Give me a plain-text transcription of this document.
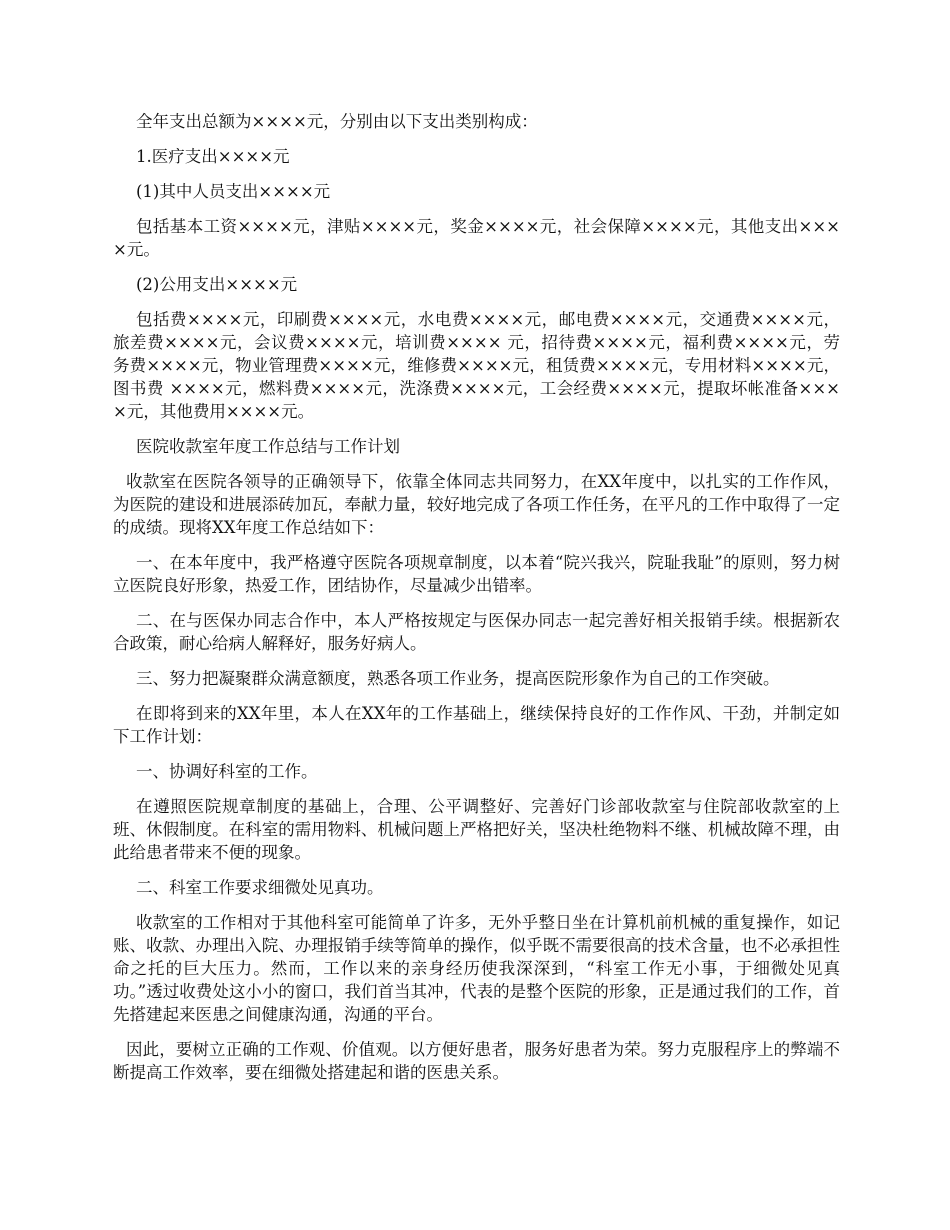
全年支出总额为××××元，分别由以下支出类别构成：

1.医疗支出××××元

(1)其中人员支出××××元

包括基本工资××××元，津贴××××元，奖金××××元，社会保障××××元，其他支出××××元。

(2)公用支出××××元

包括费××××元，印刷费××××元，水电费××××元，邮电费××××元，交通费××××元，旅差费××××元，会议费××××元，培训费×××× 元，招待费××××元，福利费××××元，劳务费××××元，物业管理费××××元，维修费××××元，租赁费××××元，专用材料××××元，图书费 ××××元，燃料费××××元，洗涤费××××元，工会经费××××元，提取坏帐准备××××元，其他费用××××元。

医院收款室年度工作总结与工作计划

收款室在医院各领导的正确领导下，依靠全体同志共同努力，在XX年度中，以扎实的工作作风，为医院的建设和进展添砖加瓦，奉献力量，较好地完成了各项工作任务，在平凡的工作中取得了一定的成绩。现将XX年度工作总结如下：

一、在本年度中，我严格遵守医院各项规章制度，以本着“院兴我兴，院耻我耻”的原则，努力树立医院良好形象，热爱工作，团结协作，尽量减少出错率。

二、在与医保办同志合作中，本人严格按规定与医保办同志一起完善好相关报销手续。根据新农合政策，耐心给病人解释好，服务好病人。

三、努力把凝聚群众满意额度，熟悉各项工作业务，提高医院形象作为自己的工作突破。

在即将到来的XX年里，本人在XX年的工作基础上，继续保持良好的工作作风、干劲，并制定如下工作计划：

一、协调好科室的工作。

在遵照医院规章制度的基础上，合理、公平调整好、完善好门诊部收款室与住院部收款室的上班、休假制度。在科室的需用物料、机械问题上严格把好关，坚决杜绝物料不继、机械故障不理，由此给患者带来不便的现象。

二、科室工作要求细微处见真功。

收款室的工作相对于其他科室可能简单了许多，无外乎整日坐在计算机前机械的重复操作，如记账、收款、办理出入院、办理报销手续等简单的操作，似乎既不需要很高的技术含量，也不必承担性命之托的巨大压力。然而，工作以来的亲身经历使我深深到，“科室工作无小事，于细微处见真功。”透过收费处这小小的窗口，我们首当其冲，代表的是整个医院的形象，正是通过我们的工作，首先搭建起来医患之间健康沟通，沟通的平台。

因此，要树立正确的工作观、价值观。以方便好患者，服务好患者为荣。努力克服程序上的弊端不断提高工作效率，要在细微处搭建起和谐的医患关系。
